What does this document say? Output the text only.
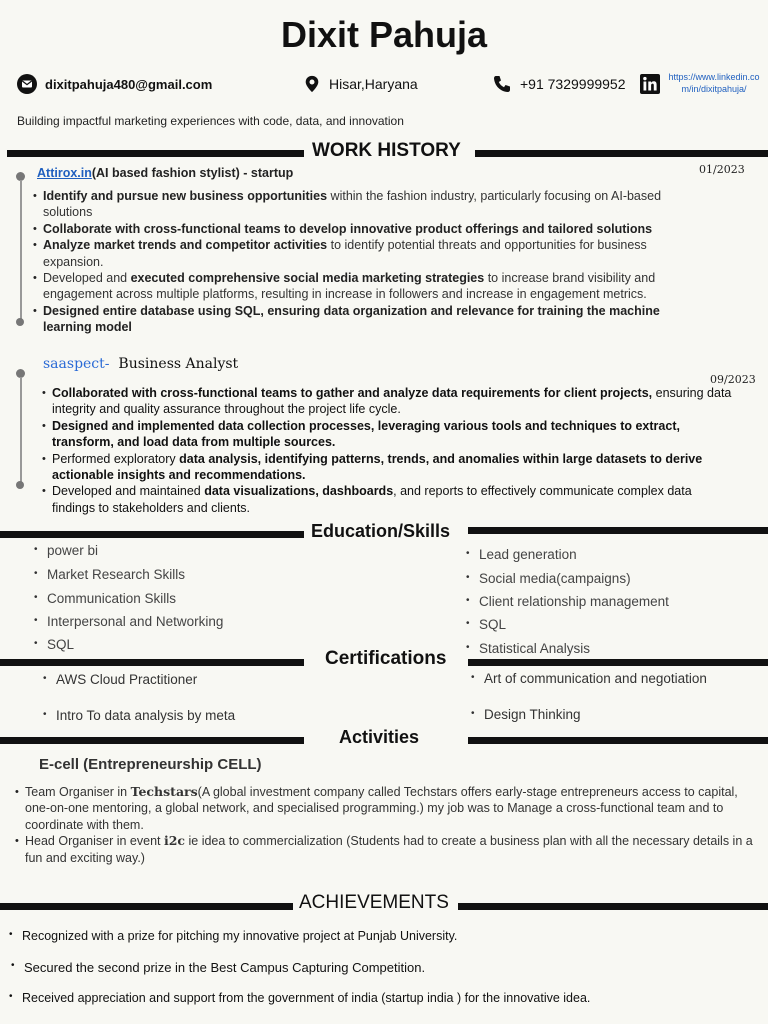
Dixit Pahuja
dixitpahuja480@gmail.com	Hisar,Haryana	+91 7329999952	https://www.linkedin.co
m/in/dixitpahuja/
Building impactful marketing experiences with code, data, and innovation
WORK HISTORY
Attirox.in(AI based fashion stylist) - startup	01/2023
• Identify and pursue new business opportunities within the fashion industry, particularly focusing on AI-based solutions
• Collaborate with cross-functional teams to develop innovative product offerings and tailored solutions
• Analyze market trends and competitor activities to identify potential threats and opportunities for business expansion.
• Developed and executed comprehensive social media marketing strategies to increase brand visibility and engagement across multiple platforms, resulting in increase in followers and increase in engagement metrics.
• Designed entire database using SQL, ensuring data organization and relevance for training the machine learning model
saaspect- Business Analyst
09/2023
• Collaborated with cross-functional teams to gather and analyze data requirements for client projects, ensuring data integrity and quality assurance throughout the project life cycle.
• Designed and implemented data collection processes, leveraging various tools and techniques to extract, transform, and load data from multiple sources.
• Performed exploratory data analysis, identifying patterns, trends, and anomalies within large datasets to derive actionable insights and recommendations.
• Developed and maintained data visualizations, dashboards, and reports to effectively communicate complex data findings to stakeholders and clients.
Education/Skills
• power bi
• Market Research Skills
• Communication Skills
• Interpersonal and Networking
• SQL
• Lead generation
• Social media(campaigns)
• Client relationship management
• SQL
• Statistical Analysis
Certifications
• AWS Cloud Practitioner
• Intro To data analysis by meta
• Art of communication and negotiation
• Design Thinking
Activities
E-cell (Entrepreneurship CELL)
• Team Organiser in Techstars(A global investment company called Techstars offers early-stage entrepreneurs access to capital, one-on-one mentoring, a global network, and specialised programming.) my job was to Manage a cross-functional team and to coordinate with them.
• Head Organiser in event i2c ie idea to commercialization (Students had to create a business plan with all the necessary details in a fun and exciting way.)
ACHIEVEMENTS
• Recognized with a prize for pitching my innovative project at Punjab University.
• Secured the second prize in the Best Campus Capturing Competition.
• Received appreciation and support from the government of india (startup india ) for the innovative idea.
